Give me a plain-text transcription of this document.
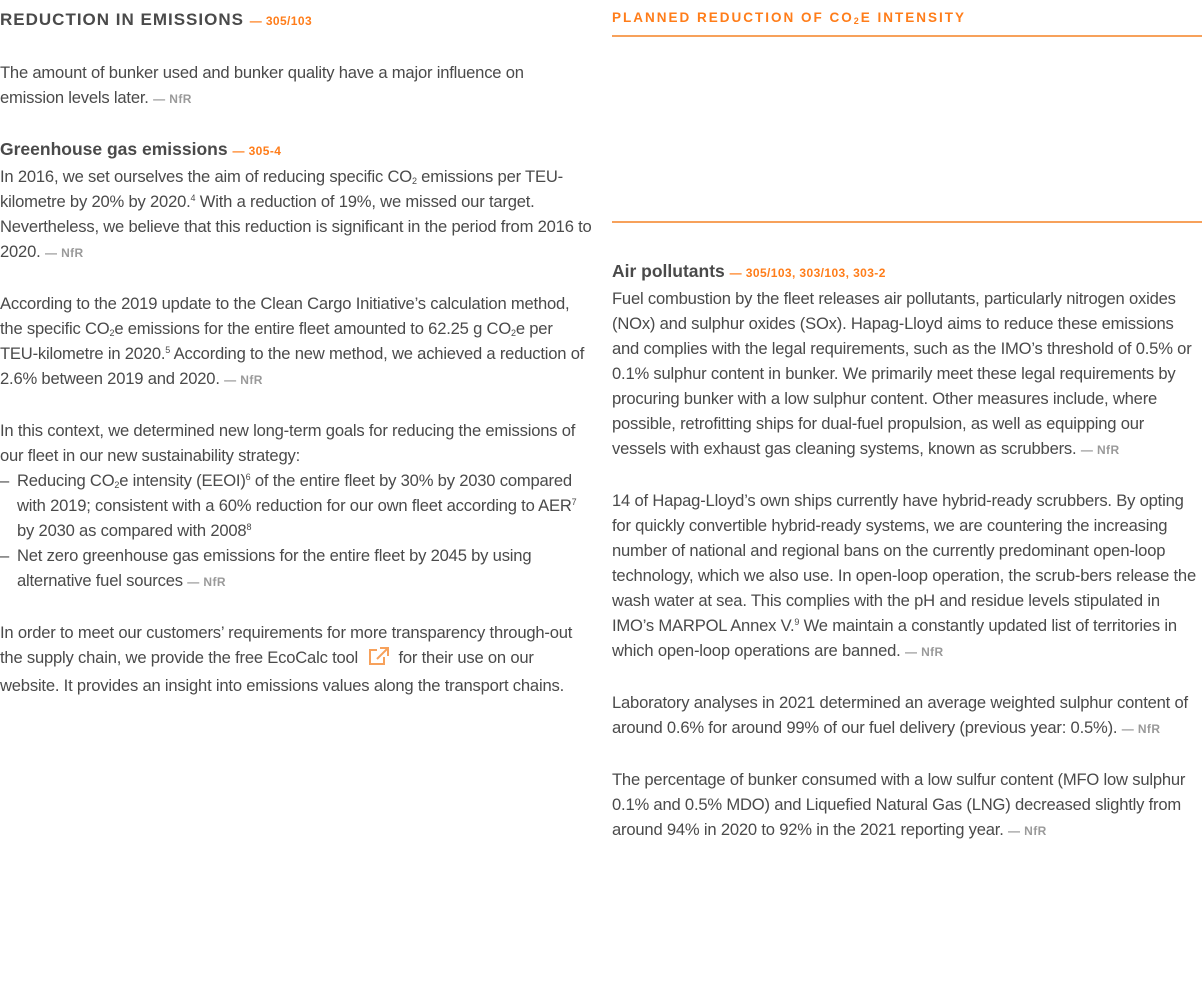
REDUCTION IN EMISSIONS — 305/103

The amount of bunker used and bunker quality have a major influence on emission levels later. — NfR

Greenhouse gas emissions — 305-4

In 2016, we set ourselves the aim of reducing specific $CO_2$ emissions per TEU-kilometre by 20% by 2020.$^4$ With a reduction of 19%, we missed our target. Nevertheless, we believe that this reduction is significant in the period from 2016 to 2020. — NfR

According to the 2019 update to the Clean Cargo Initiative’s calculation method, the specific $CO_2e$ emissions for the entire fleet amounted to 62.25 g $CO_2e$ per TEU-kilometre in 2020.$^5$ According to the new method, we achieved a reduction of 2.6% between 2019 and 2020. — NfR

In this context, we determined new long-term goals for reducing the emissions of our fleet in our new sustainability strategy:

– Reducing $CO_2e$ intensity (EEOI)$^6$ of the entire fleet by 30% by 2030 compared with 2019; consistent with a 60% reduction for our own fleet according to AER$^7$ by 2030 as compared with 2008$^8$
– Net zero greenhouse gas emissions for the entire fleet by 2045 by using alternative fuel sources — NfR

In order to meet our customers’ requirements for more transparency through-out the supply chain, we provide the free EcoCalc tool for their use on our website. It provides an insight into emissions values along the transport chains.

PLANNED REDUCTION OF $CO_2E$ INTENSITY
Air pollutants — 305/103, 303/103, 303-2

Fuel combustion by the fleet releases air pollutants, particularly nitrogen oxides (NOx) and sulphur oxides (SOx). Hapag-Lloyd aims to reduce these emissions and complies with the legal requirements, such as the IMO’s threshold of 0.5% or 0.1% sulphur content in bunker. We primarily meet these legal requirements by procuring bunker with a low sulphur content. Other measures include, where possible, retrofitting ships for dual-fuel propulsion, as well as equipping our vessels with exhaust gas cleaning systems, known as scrubbers. — NfR

14 of Hapag-Lloyd’s own ships currently have hybrid-ready scrubbers. By opting for quickly convertible hybrid-ready systems, we are countering the increasing number of national and regional bans on the currently predominant open-loop technology, which we also use. In open-loop operation, the scrub-bers release the wash water at sea. This complies with the pH and residue levels stipulated in IMO’s MARPOL Annex V.$^9$ We maintain a constantly updated list of territories in which open-loop operations are banned. — NfR

Laboratory analyses in 2021 determined an average weighted sulphur content of around 0.6% for around 99% of our fuel delivery (previous year: 0.5%). — NfR

The percentage of bunker consumed with a low sulfur content (MFO low sulphur 0.1% and 0.5% MDO) and Liquefied Natural Gas (LNG) decreased slightly from around 94% in 2020 to 92% in the 2021 reporting year. — NfR
